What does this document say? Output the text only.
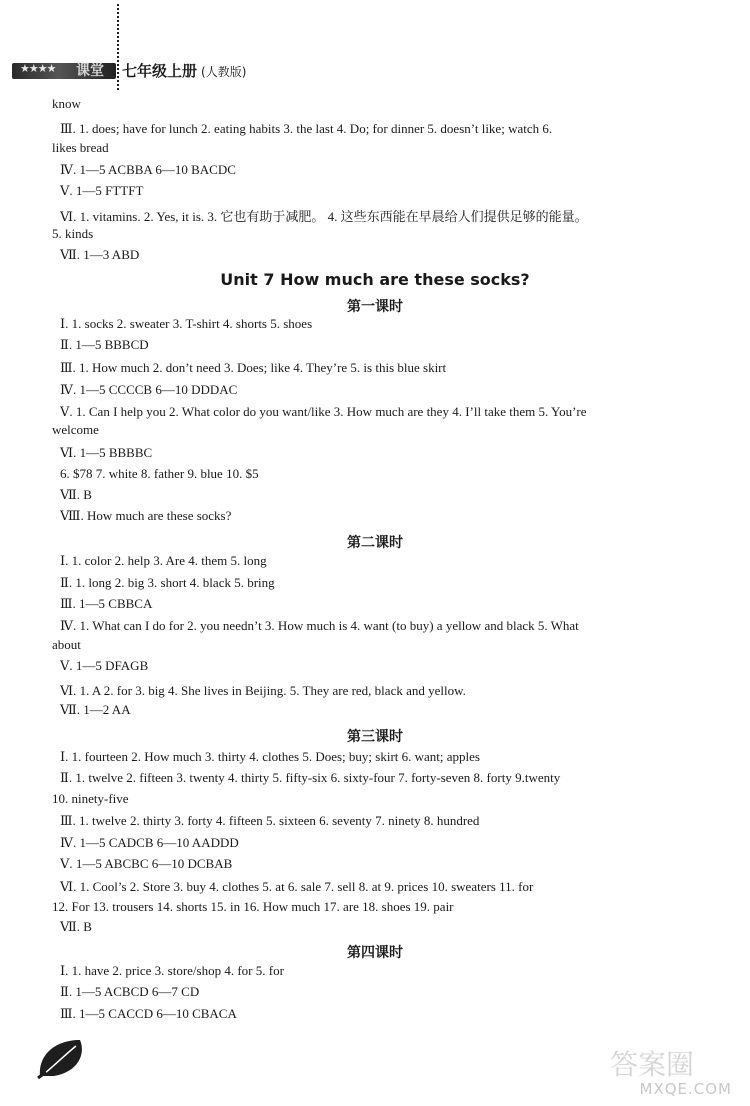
★★★★ 课堂 七年级上册 (人教版)
know
Ⅲ. 1. does; have for lunch 2. eating habits 3. the last 4. Do; for dinner 5. doesn’t like; watch 6.
likes bread
Ⅳ. 1—5 ACBBA 6—10 BACDC
Ⅴ. 1—5 FTTFT
Ⅵ. 1. vitamins. 2. Yes, it is. 3. 它也有助于减肥。 4. 这些东西能在早晨给人们提供足够的能量。
5. kinds
Ⅶ. 1—3 ABD
Unit 7 How much are these socks?
第一课时
Ⅰ. 1. socks 2. sweater 3. T-shirt 4. shorts 5. shoes
Ⅱ. 1—5 BBBCD
Ⅲ. 1. How much 2. don’t need 3. Does; like 4. They’re 5. is this blue skirt
Ⅳ. 1—5 CCCCB 6—10 DDDAC
Ⅴ. 1. Can I help you 2. What color do you want/like 3. How much are they 4. I’ll take them 5. You’re
welcome
Ⅵ. 1—5 BBBBC
6. $78 7. white 8. father 9. blue 10. $5
Ⅶ. B
Ⅷ. How much are these socks?
第二课时
Ⅰ. 1. color 2. help 3. Are 4. them 5. long
Ⅱ. 1. long 2. big 3. short 4. black 5. bring
Ⅲ. 1—5 CBBCA
Ⅳ. 1. What can I do for 2. you needn’t 3. How much is 4. want (to buy) a yellow and black 5. What
about
Ⅴ. 1—5 DFAGB
Ⅵ. 1. A 2. for 3. big 4. She lives in Beijing. 5. They are red, black and yellow.
Ⅶ. 1—2 AA
第三课时
Ⅰ. 1. fourteen 2. How much 3. thirty 4. clothes 5. Does; buy; skirt 6. want; apples
Ⅱ. 1. twelve 2. fifteen 3. twenty 4. thirty 5. fifty-six 6. sixty-four 7. forty-seven 8. forty 9.twenty
10. ninety-five
Ⅲ. 1. twelve 2. thirty 3. forty 4. fifteen 5. sixteen 6. seventy 7. ninety 8. hundred
Ⅳ. 1—5 CADCB 6—10 AADDD
Ⅴ. 1—5 ABCBC 6—10 DCBAB
Ⅵ. 1. Cool’s 2. Store 3. buy 4. clothes 5. at 6. sale 7. sell 8. at 9. prices 10. sweaters 11. for
12. For 13. trousers 14. shorts 15. in 16. How much 17. are 18. shoes 19. pair
Ⅶ. B
第四课时
Ⅰ. 1. have 2. price 3. store/shop 4. for 5. for
Ⅱ. 1—5 ACBCD 6—7 CD
Ⅲ. 1—5 CACCD 6—10 CBACA
答案圈
MXQE.COM
